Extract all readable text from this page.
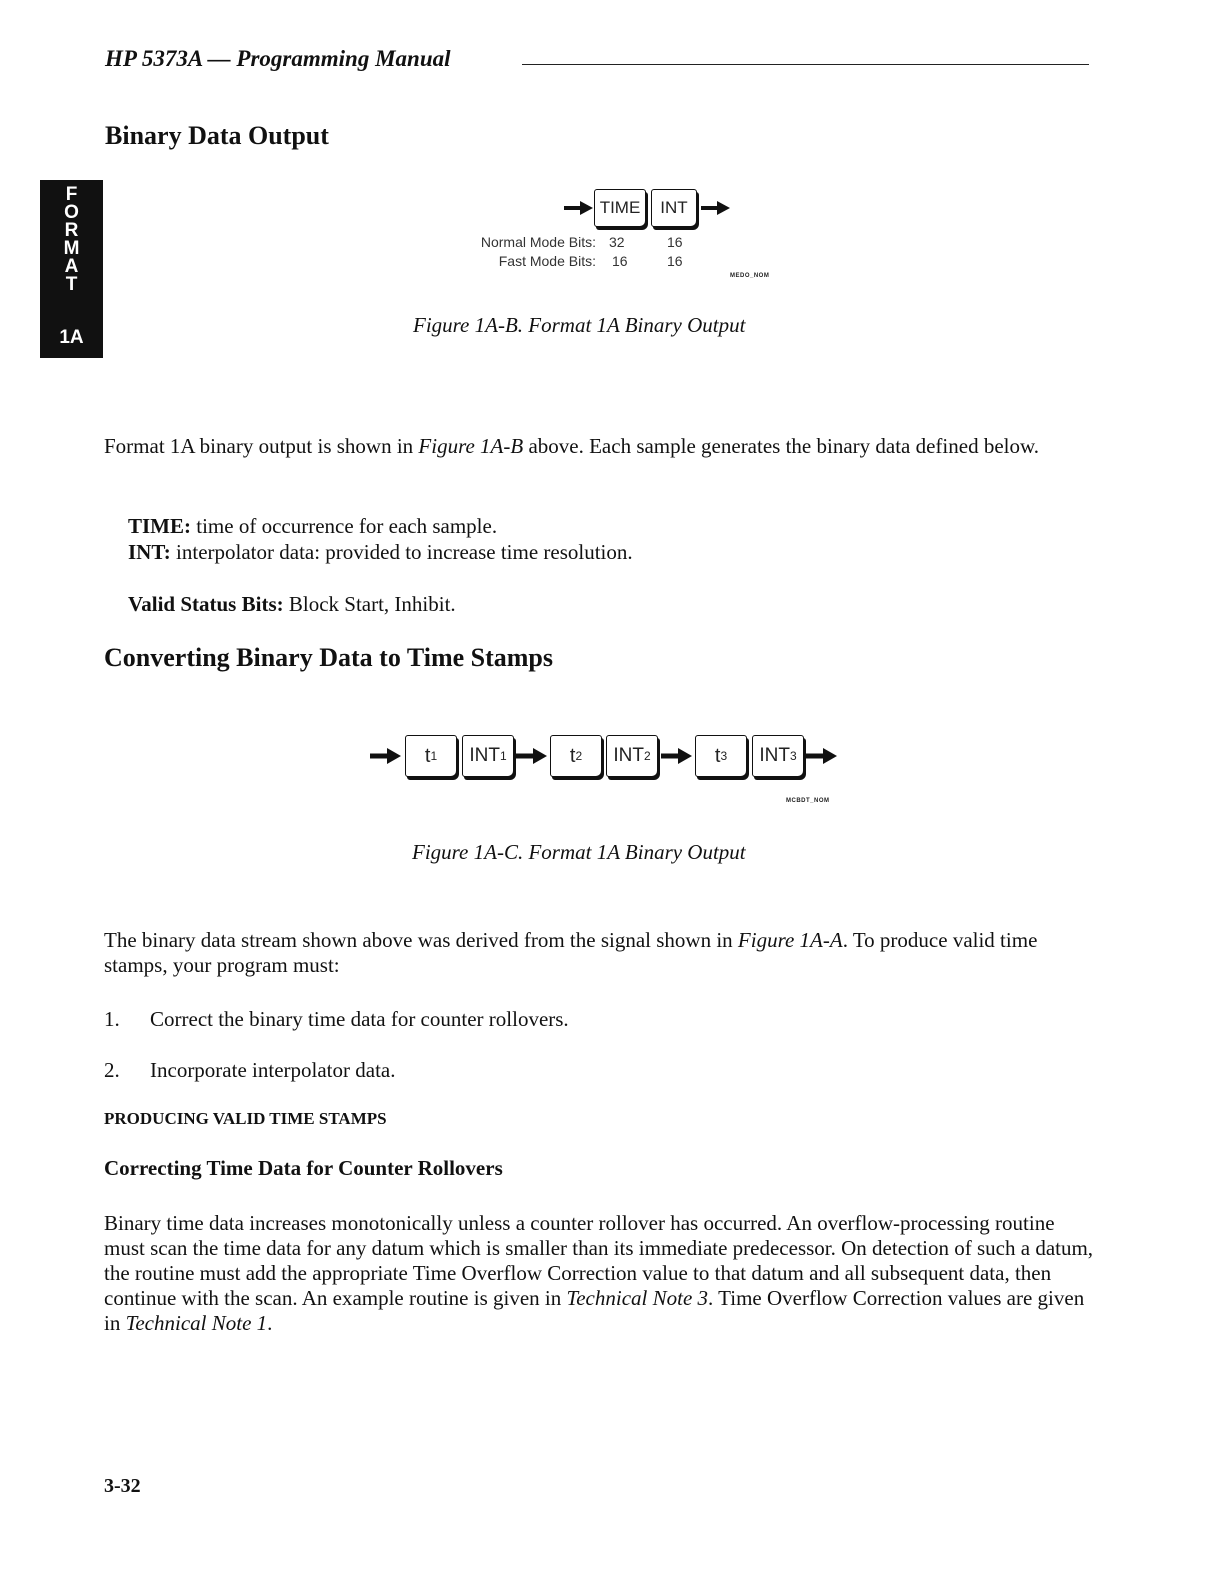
HP 5373A — Programming Manual
F
O
R
M
A
T
1A
Binary Data Output
TIME	INT
Normal Mode Bits: 32	16
Fast Mode Bits: 16	16
MEDO_NOM
Figure 1A-B. Format 1A Binary Output
Format 1A binary output is shown in Figure 1A-B above. Each sample generates the binary data defined below.
TIME: time of occurrence for each sample.
INT: interpolator data: provided to increase time resolution.
Valid Status Bits: Block Start, Inhibit.
Converting Binary Data to Time Stamps
t 1 INT 1	t 2 INT 2	t 3 INT 3
MCBDT_NOM
Figure 1A-C. Format 1A Binary Output
The binary data stream shown above was derived from the signal shown in Figure 1A-A. To produce valid time stamps, your program must:
1. Correct the binary time data for counter rollovers.
2. Incorporate interpolator data.
PRODUCING VALID TIME STAMPS
Correcting Time Data for Counter Rollovers
Binary time data increases monotonically unless a counter rollover has occurred. An overflow-processing routine must scan the time data for any datum which is smaller than its immediate predecessor. On detection of such a datum, the routine must add the appropriate Time Overflow Correction value to that datum and all subsequent data, then continue with the scan. An example routine is given in Technical Note 3. Time Overflow Correction values are given in Technical Note 1.
3-32
